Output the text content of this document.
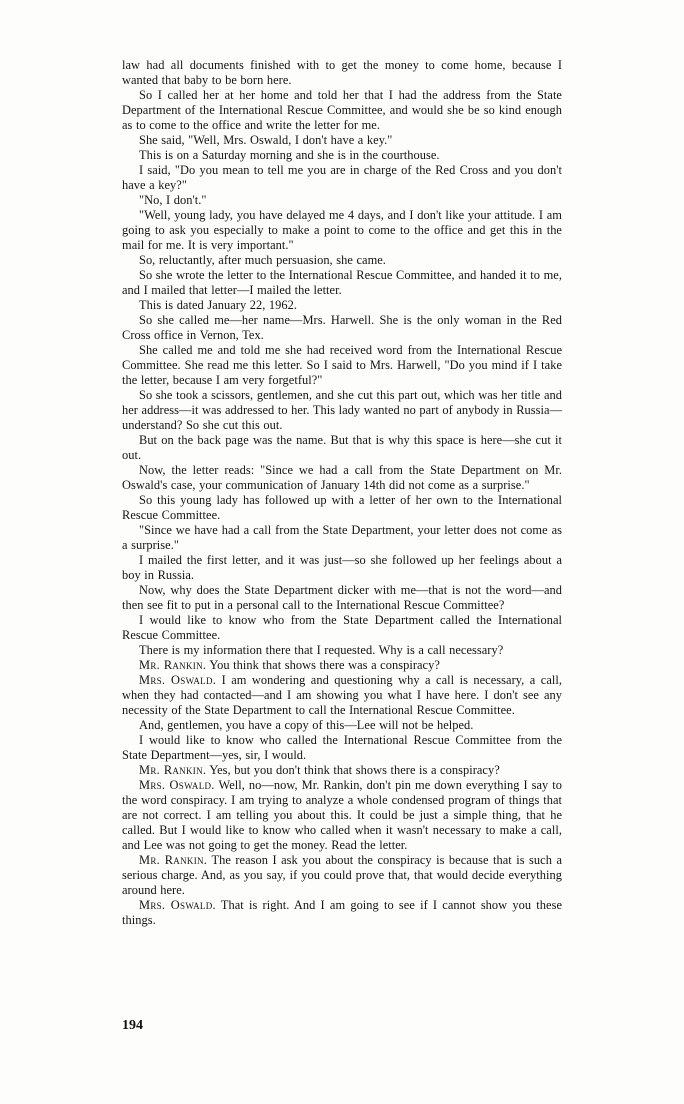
law had all documents finished with to get the money to come home, because I wanted that baby to be born here.

So I called her at her home and told her that I had the address from the State Department of the International Rescue Committee, and would she be so kind enough as to come to the office and write the letter for me.

She said, "Well, Mrs. Oswald, I don't have a key."

This is on a Saturday morning and she is in the courthouse.

I said, "Do you mean to tell me you are in charge of the Red Cross and you don't have a key?"

"No, I don't."

"Well, young lady, you have delayed me 4 days, and I don't like your attitude. I am going to ask you especially to make a point to come to the office and get this in the mail for me. It is very important."

So, reluctantly, after much persuasion, she came.

So she wrote the letter to the International Rescue Committee, and handed it to me, and I mailed that letter—I mailed the letter.

This is dated January 22, 1962.

So she called me—her name—Mrs. Harwell. She is the only woman in the Red Cross office in Vernon, Tex.

She called me and told me she had received word from the International Rescue Committee. She read me this letter. So I said to Mrs. Harwell, "Do you mind if I take the letter, because I am very forgetful?"

So she took a scissors, gentlemen, and she cut this part out, which was her title and her address—it was addressed to her. This lady wanted no part of anybody in Russia—understand? So she cut this out.

But on the back page was the name. But that is why this space is here—she cut it out.

Now, the letter reads: "Since we had a call from the State Department on Mr. Oswald's case, your communication of January 14th did not come as a surprise."

So this young lady has followed up with a letter of her own to the International Rescue Committee.

"Since we have had a call from the State Department, your letter does not come as a surprise."

I mailed the first letter, and it was just—so she followed up her feelings about a boy in Russia.

Now, why does the State Department dicker with me—that is not the word—and then see fit to put in a personal call to the International Rescue Committee?

I would like to know who from the State Department called the International Rescue Committee.

There is my information there that I requested. Why is a call necessary?

Mr. Rankin. You think that shows there was a conspiracy?

Mrs. Oswald. I am wondering and questioning why a call is necessary, a call, when they had contacted—and I am showing you what I have here. I don't see any necessity of the State Department to call the International Rescue Committee.

And, gentlemen, you have a copy of this—Lee will not be helped.

I would like to know who called the International Rescue Committee from the State Department—yes, sir, I would.

Mr. Rankin. Yes, but you don't think that shows there is a conspiracy?

Mrs. Oswald. Well, no—now, Mr. Rankin, don't pin me down everything I say to the word conspiracy. I am trying to analyze a whole condensed program of things that are not correct. I am telling you about this. It could be just a simple thing, that he called. But I would like to know who called when it wasn't necessary to make a call, and Lee was not going to get the money. Read the letter.

Mr. Rankin. The reason I ask you about the conspiracy is because that is such a serious charge. And, as you say, if you could prove that, that would decide everything around here.

Mrs. Oswald. That is right. And I am going to see if I cannot show you these things.

194
